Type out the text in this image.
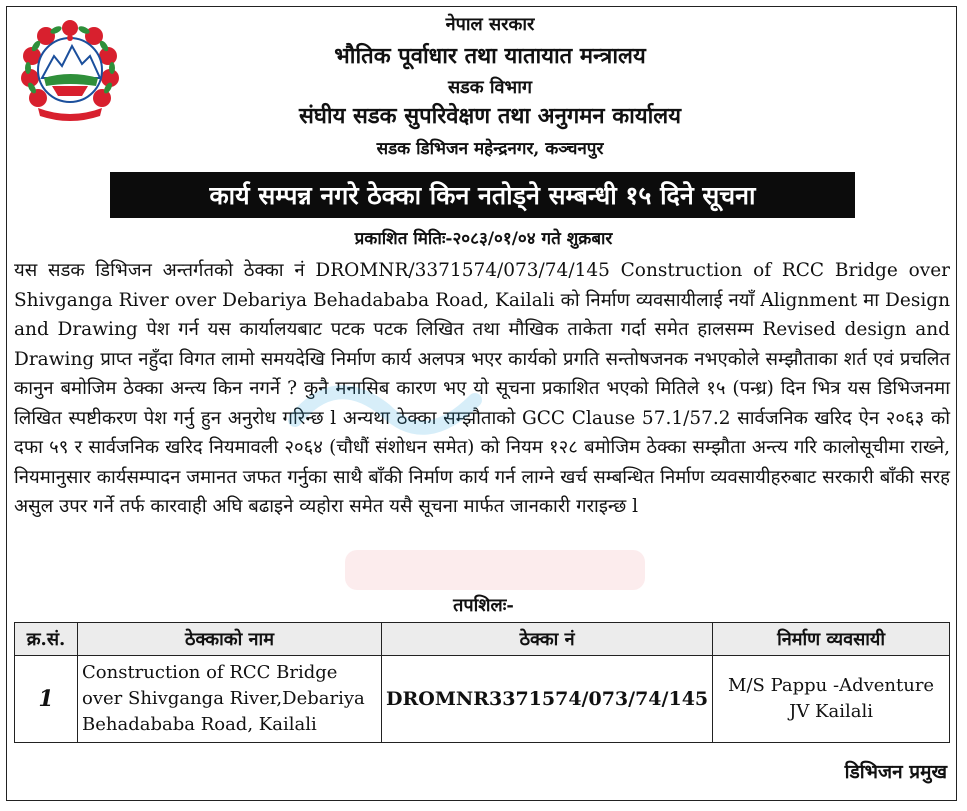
नेपाल सरकार
भौतिक पूर्वाधार तथा यातायात मन्त्रालय
सडक विभाग
संघीय सडक सुपरिवेक्षण तथा अनुगमन कार्यालय
सडक डिभिजन महेन्द्रनगर, कञ्चनपुर
कार्य सम्पन्न नगरे ठेक्का किन नतोड्ने सम्बन्धी १५ दिने सूचना
प्रकाशित मितिः-२०८३/०१/०४ गते शुक्रबार

यस सडक डिभिजन अन्तर्गतको ठेक्का नं DROMNR/3371574/073/74/145 Construction of RCC Bridge over Shivganga River over Debariya Behadababa Road, Kailali को निर्माण व्यवसायीलाई नयाँ Alignment मा Design and Drawing पेश गर्न यस कार्यालयबाट पटक पटक लिखित तथा मौखिक ताकेता गर्दा समेत हालसम्म Revised design and Drawing प्राप्त नहुँदा विगत लामो समयदेखि निर्माण कार्य अलपत्र भएर कार्यको प्रगति सन्तोषजनक नभएकोले सम्झौताका शर्त एवं प्रचलित कानुन बमोजिम ठेक्का अन्त्य किन नगर्ने ? कुनै मनासिब कारण भए यो सूचना प्रकाशित भएको मितिले १५ (पन्ध्र) दिन भित्र यस डिभिजनमा लिखित स्पष्टीकरण पेश गर्नु हुन अनुरोध गरिन्छ l अन्यथा ठेक्का सम्झौताको GCC Clause 57.1/57.2 सार्वजनिक खरिद ऐन २०६३ को दफा ५९ र सार्वजनिक खरिद नियमावली २०६४ (चौधौं संशोधन समेत) को नियम १२८ बमोजिम ठेक्का सम्झौता अन्त्य गरि कालोसूचीमा राख्ने, नियमानुसार कार्यसम्पादन जमानत जफत गर्नुका साथै बाँकी निर्माण कार्य गर्न लाग्ने खर्च सम्बन्धित निर्माण व्यवसायीहरुबाट सरकारी बाँकी सरह असुल उपर गर्ने तर्फ कारवाही अघि बढाइने व्यहोरा समेत यसै सूचना मार्फत जानकारी गराइन्छ l

तपशिलः-
क्र.सं.	ठेक्काको नाम	ठेक्का नं	निर्माण व्यवसायी
1	Construction of RCC Bridge over Shivganga River,Debariya Behadababa Road, Kailali	DROMNR3371574/073/74/145	M/S Pappu -Adventure JV Kailali
डिभिजन प्रमुख
